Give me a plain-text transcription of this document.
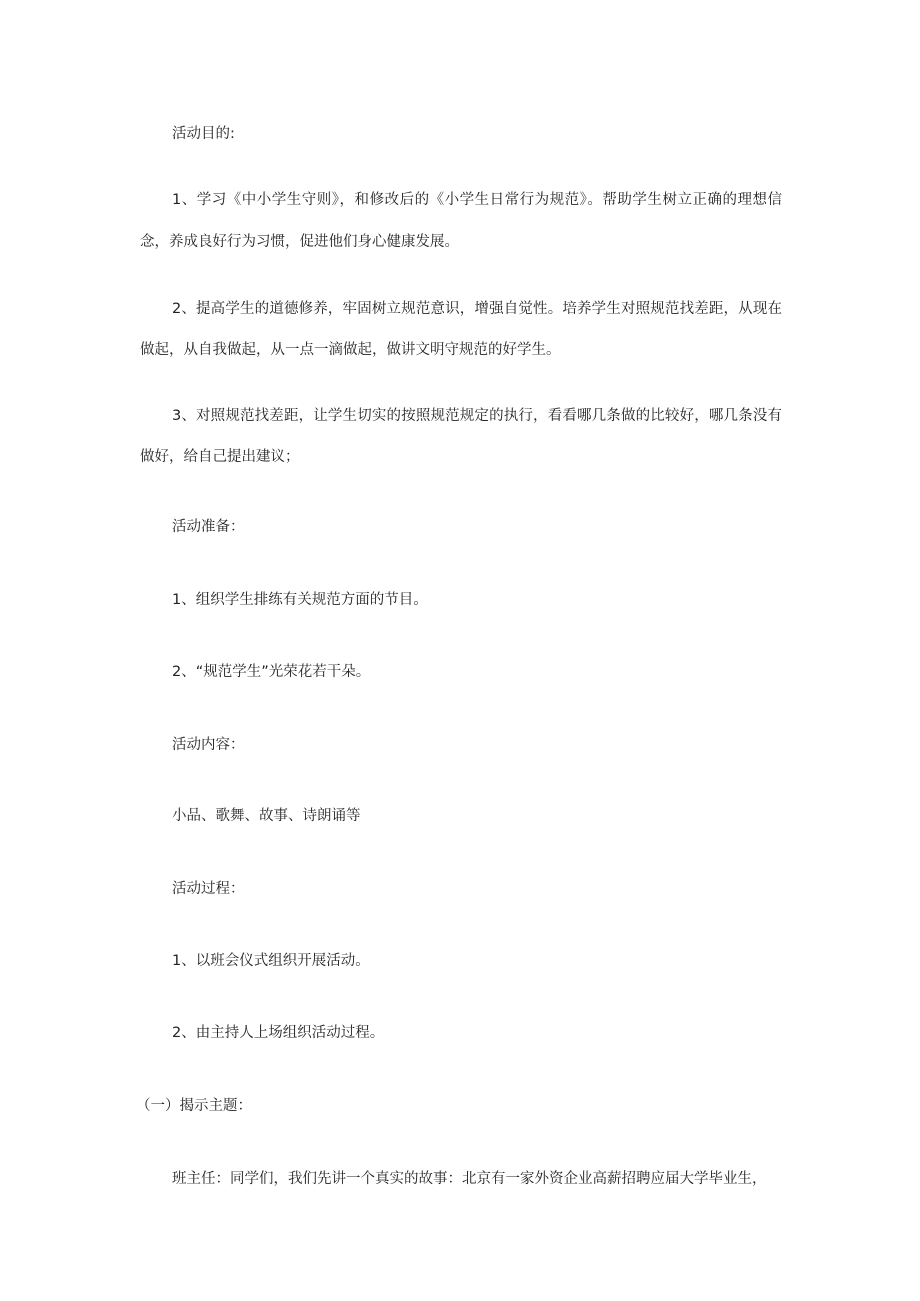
活动目的:
1、学习《中小学生守则》，和修改后的《小学生日常行为规范》。帮助学生树立正确的理想信
念，养成良好行为习惯，促进他们身心健康发展。
2、提高学生的道德修养，牢固树立规范意识，增强自觉性。培养学生对照规范找差距，从现在
做起，从自我做起，从一点一滴做起，做讲文明守规范的好学生。
3、对照规范找差距，让学生切实的按照规范规定的执行，看看哪几条做的比较好，哪几条没有
做好，给自己提出建议；
活动准备：
1、组织学生排练有关规范方面的节目。
2、“规范学生”光荣花若干朵。
活动内容：
小品、歌舞、故事、诗朗诵等
活动过程：
1、以班会仪式组织开展活动。
2、由主持人上场组织活动过程。
（一）揭示主题：
班主任：同学们，我们先讲一个真实的故事：北京有一家外资企业高薪招聘应届大学毕业生，
